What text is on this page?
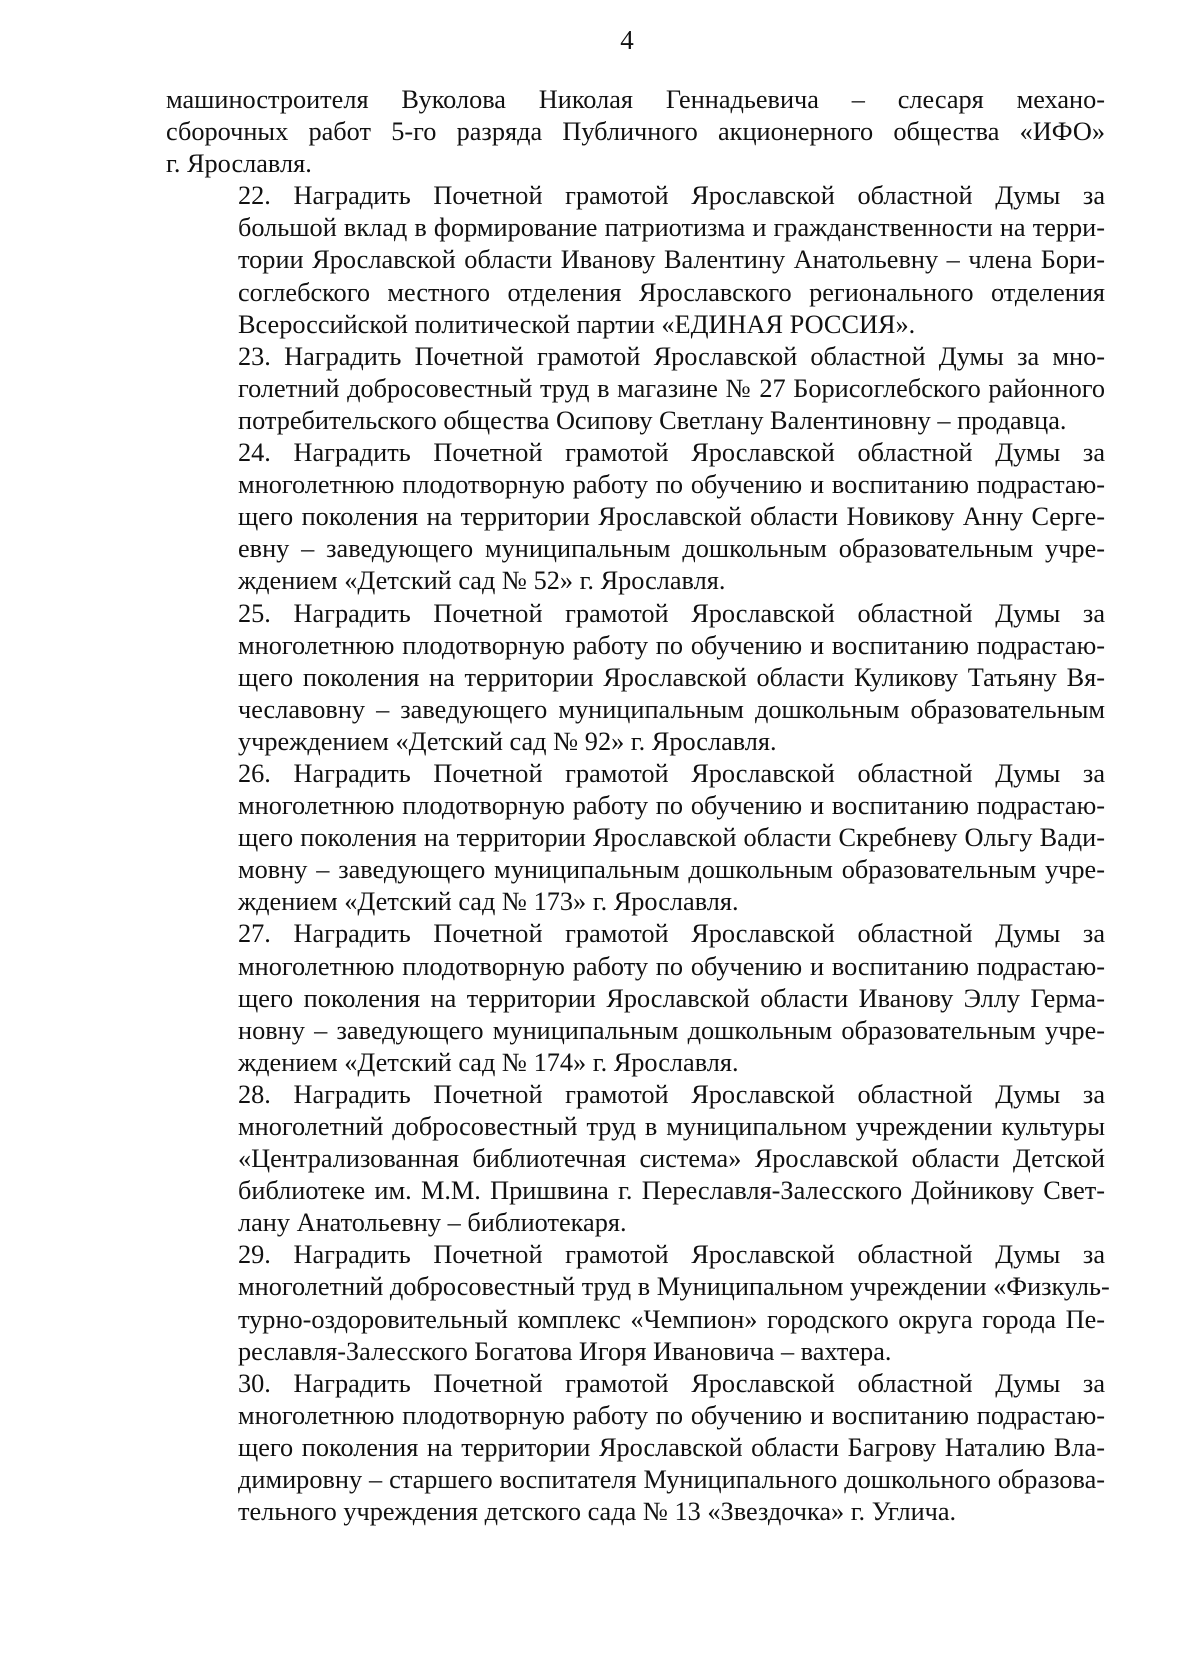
4

машиностроителя Вуколова Николая Геннадьевича – слесаря механо-
сборочных работ 5-го разряда Публичного акционерного общества «ИФО»
г. Ярославля.

22. Наградить Почетной грамотой Ярославской областной Думы за
большой вклад в формирование патриотизма и гражданственности на терри-
тории Ярославской области Иванову Валентину Анатольевну – члена Бори-
соглебского местного отделения Ярославского регионального отделения
Всероссийской политической партии «ЕДИНАЯ РОССИЯ».

23. Наградить Почетной грамотой Ярославской областной Думы за мно-
голетний добросовестный труд в магазине № 27 Борисоглебского районного
потребительского общества Осипову Светлану Валентиновну – продавца.

24. Наградить Почетной грамотой Ярославской областной Думы за
многолетнюю плодотворную работу по обучению и воспитанию подрастаю-
щего поколения на территории Ярославской области Новикову Анну Серге-
евну – заведующего муниципальным дошкольным образовательным учре-
ждением «Детский сад № 52» г. Ярославля.

25. Наградить Почетной грамотой Ярославской областной Думы за
многолетнюю плодотворную работу по обучению и воспитанию подрастаю-
щего поколения на территории Ярославской области Куликову Татьяну Вя-
чеславовну – заведующего муниципальным дошкольным образовательным
учреждением «Детский сад № 92» г. Ярославля.

26. Наградить Почетной грамотой Ярославской областной Думы за
многолетнюю плодотворную работу по обучению и воспитанию подрастаю-
щего поколения на территории Ярославской области Скребневу Ольгу Вади-
мовну – заведующего муниципальным дошкольным образовательным учре-
ждением «Детский сад № 173» г. Ярославля.

27. Наградить Почетной грамотой Ярославской областной Думы за
многолетнюю плодотворную работу по обучению и воспитанию подрастаю-
щего поколения на территории Ярославской области Иванову Эллу Герма-
новну – заведующего муниципальным дошкольным образовательным учре-
ждением «Детский сад № 174» г. Ярославля.

28. Наградить Почетной грамотой Ярославской областной Думы за
многолетний добросовестный труд в муниципальном учреждении культуры
«Централизованная библиотечная система» Ярославской области Детской
библиотеке им. М.М. Пришвина г. Переславля-Залесского Дойникову Свет-
лану Анатольевну – библиотекаря.

29. Наградить Почетной грамотой Ярославской областной Думы за
многолетний добросовестный труд в Муниципальном учреждении «Физкуль-
турно-оздоровительный комплекс «Чемпион» городского округа города Пе-
реславля-Залесского Богатова Игоря Ивановича – вахтера.

30. Наградить Почетной грамотой Ярославской областной Думы за
многолетнюю плодотворную работу по обучению и воспитанию подрастаю-
щего поколения на территории Ярославской области Багрову Наталию Вла-
димировну – старшего воспитателя Муниципального дошкольного образова-
тельного учреждения детского сада № 13 «Звездочка» г. Углича.
